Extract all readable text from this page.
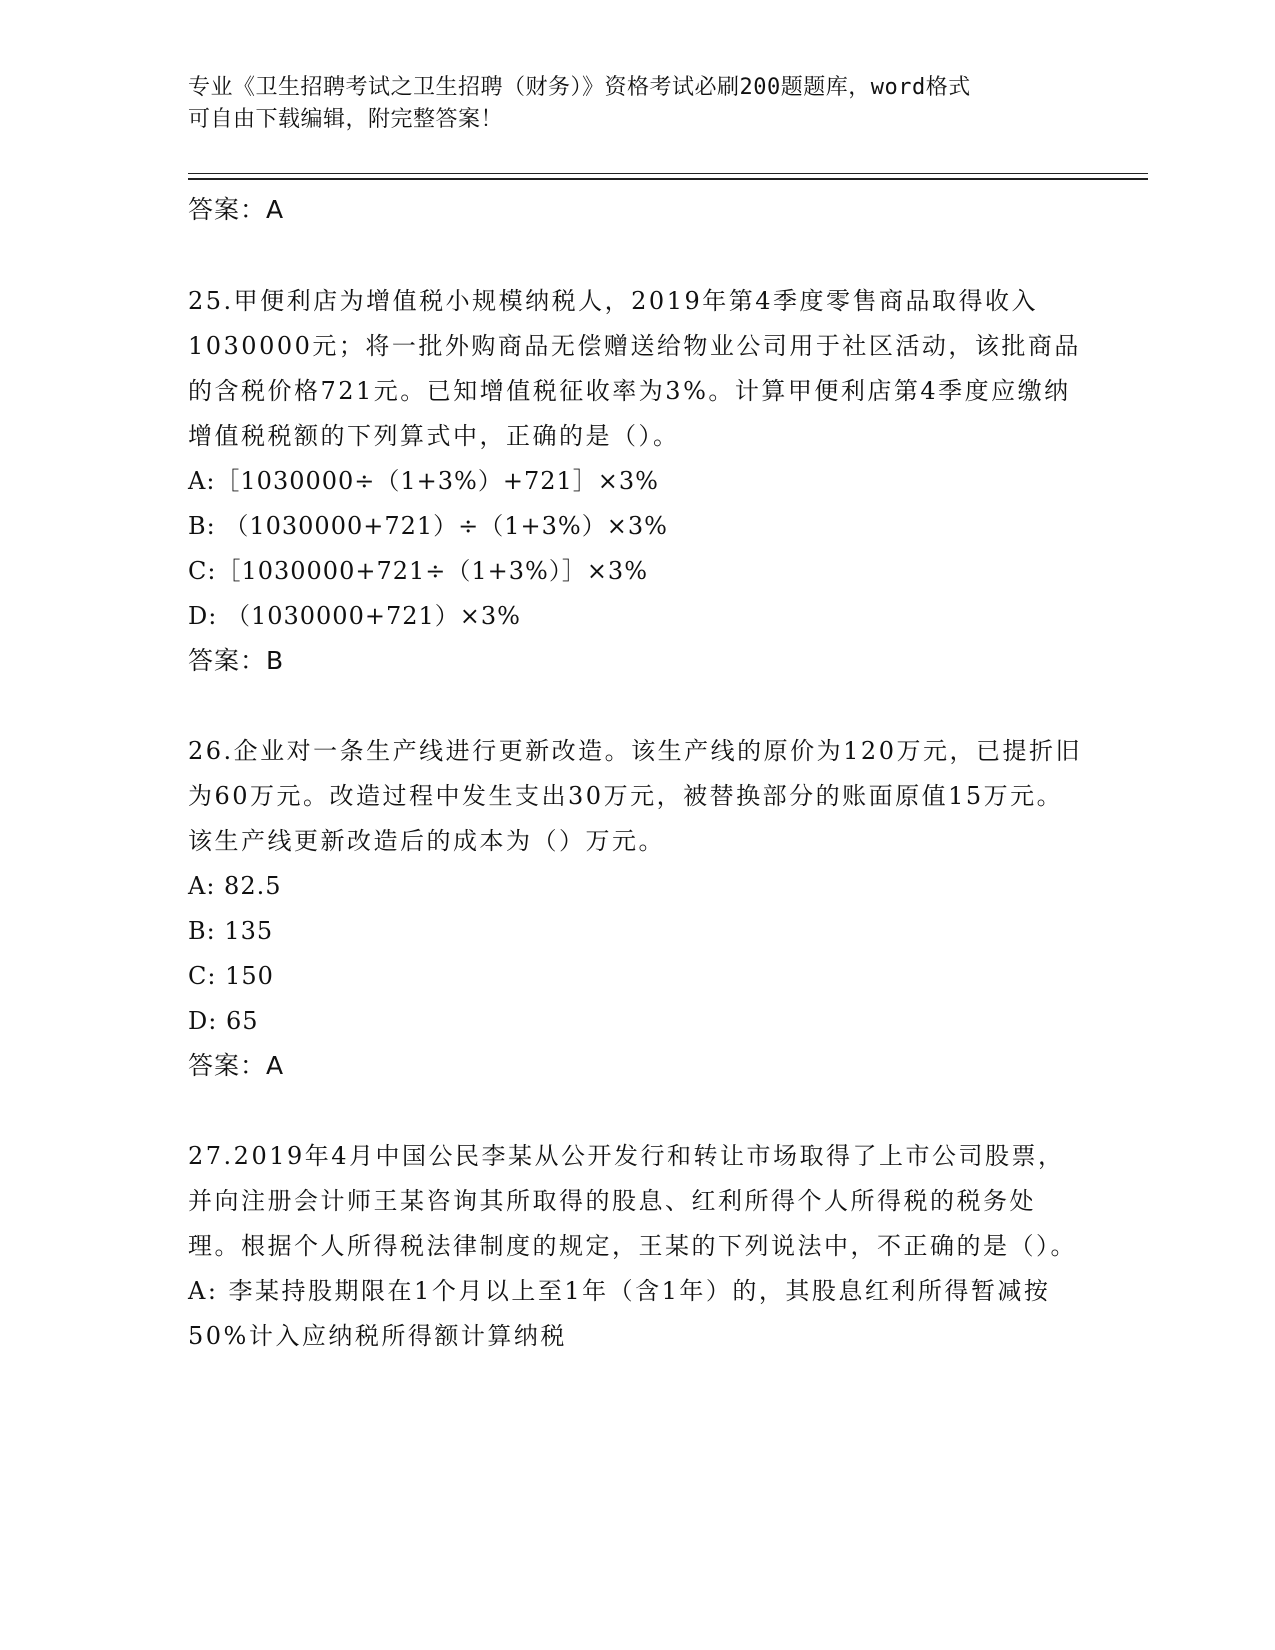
专业《卫生招聘考试之卫生招聘（财务）》资格考试必刷200题题库，word格式
可自由下载编辑，附完整答案！
答案：A

25.甲便利店为增值税小规模纳税人，2019年第4季度零售商品取得收入1030000元；将一批外购商品无偿赠送给物业公司用于社区活动，该批商品的含税价格721元。已知增值税征收率为3%。计算甲便利店第4季度应缴纳增值税税额的下列算式中，正确的是（）。

A:［1030000÷（1+3%）+721］×3%
B: （1030000+721）÷（1+3%）×3%
C:［1030000+721÷（1+3%）］×3%
D: （1030000+721）×3%
答案：B

26.企业对一条生产线进行更新改造。该生产线的原价为120万元，已提折旧为60万元。改造过程中发生支出30万元，被替换部分的账面原值15万元。该生产线更新改造后的成本为（）万元。

A: 82.5
B: 135
C: 150
D: 65
答案：A

27.2019年4月中国公民李某从公开发行和转让市场取得了上市公司股票，并向注册会计师王某咨询其所取得的股息、红利所得个人所得税的税务处理。根据个人所得税法律制度的规定，王某的下列说法中，不正确的是（）。

A: 李某持股期限在1个月以上至1年（含1年）的，其股息红利所得暂减按50%计入应纳税所得额计算纳税
